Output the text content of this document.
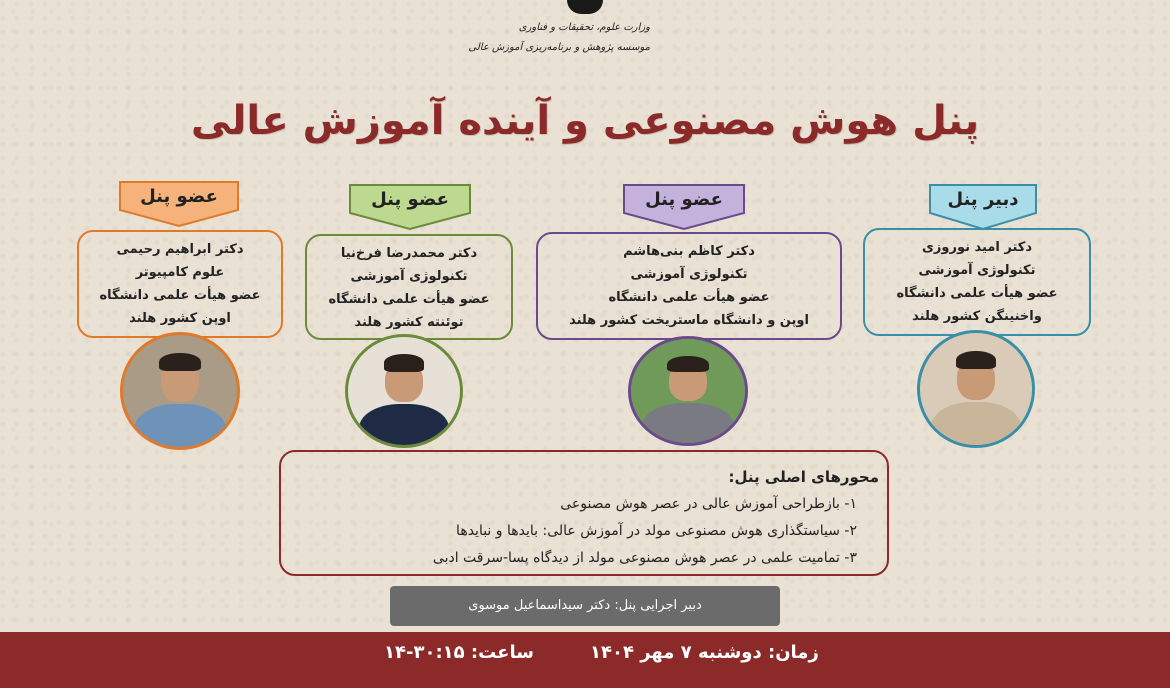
وزارت علوم، تحقیقات و فناوری
موسسه پژوهش و برنامه‌ریزی آموزش عالی
پنل هوش مصنوعی و آینده آموزش عالی
دبیر پنل
دکتر امید نوروزی
تکنولوژی آموزشی
عضو هیأت علمی دانشگاه
واخنینگن کشور هلند
عضو پنل
دکتر کاظم بنی‌هاشم
تکنولوژی آموزشی
عضو هیأت علمی دانشگاه
اوپن و دانشگاه ماستریخت کشور هلند
عضو پنل
دکتر محمدرضا فرخ‌نیا
تکنولوژی آموزشی
عضو هیأت علمی دانشگاه
توئنته کشور هلند
عضو پنل
دکتر ابراهیم رحیمی
علوم کامپیوتر
عضو هیأت علمی دانشگاه
اوپن کشور هلند
محورهای اصلی پنل:
۱- بازطراحی آموزش عالی در عصر هوش مصنوعی
۲- سیاستگذاری هوش مصنوعی مولد در آموزش عالی: بایدها و نبایدها
۳- تمامیت علمی در عصر هوش مصنوعی مولد از دیدگاه پسا-سرقت ادبی
دبیر اجرایی پنل: دکتر سیداسماعیل موسوی
زمان: دوشنبه ۷ مهر ۱۴۰۴
ساعت: ۳۰:۱۵-۱۴
